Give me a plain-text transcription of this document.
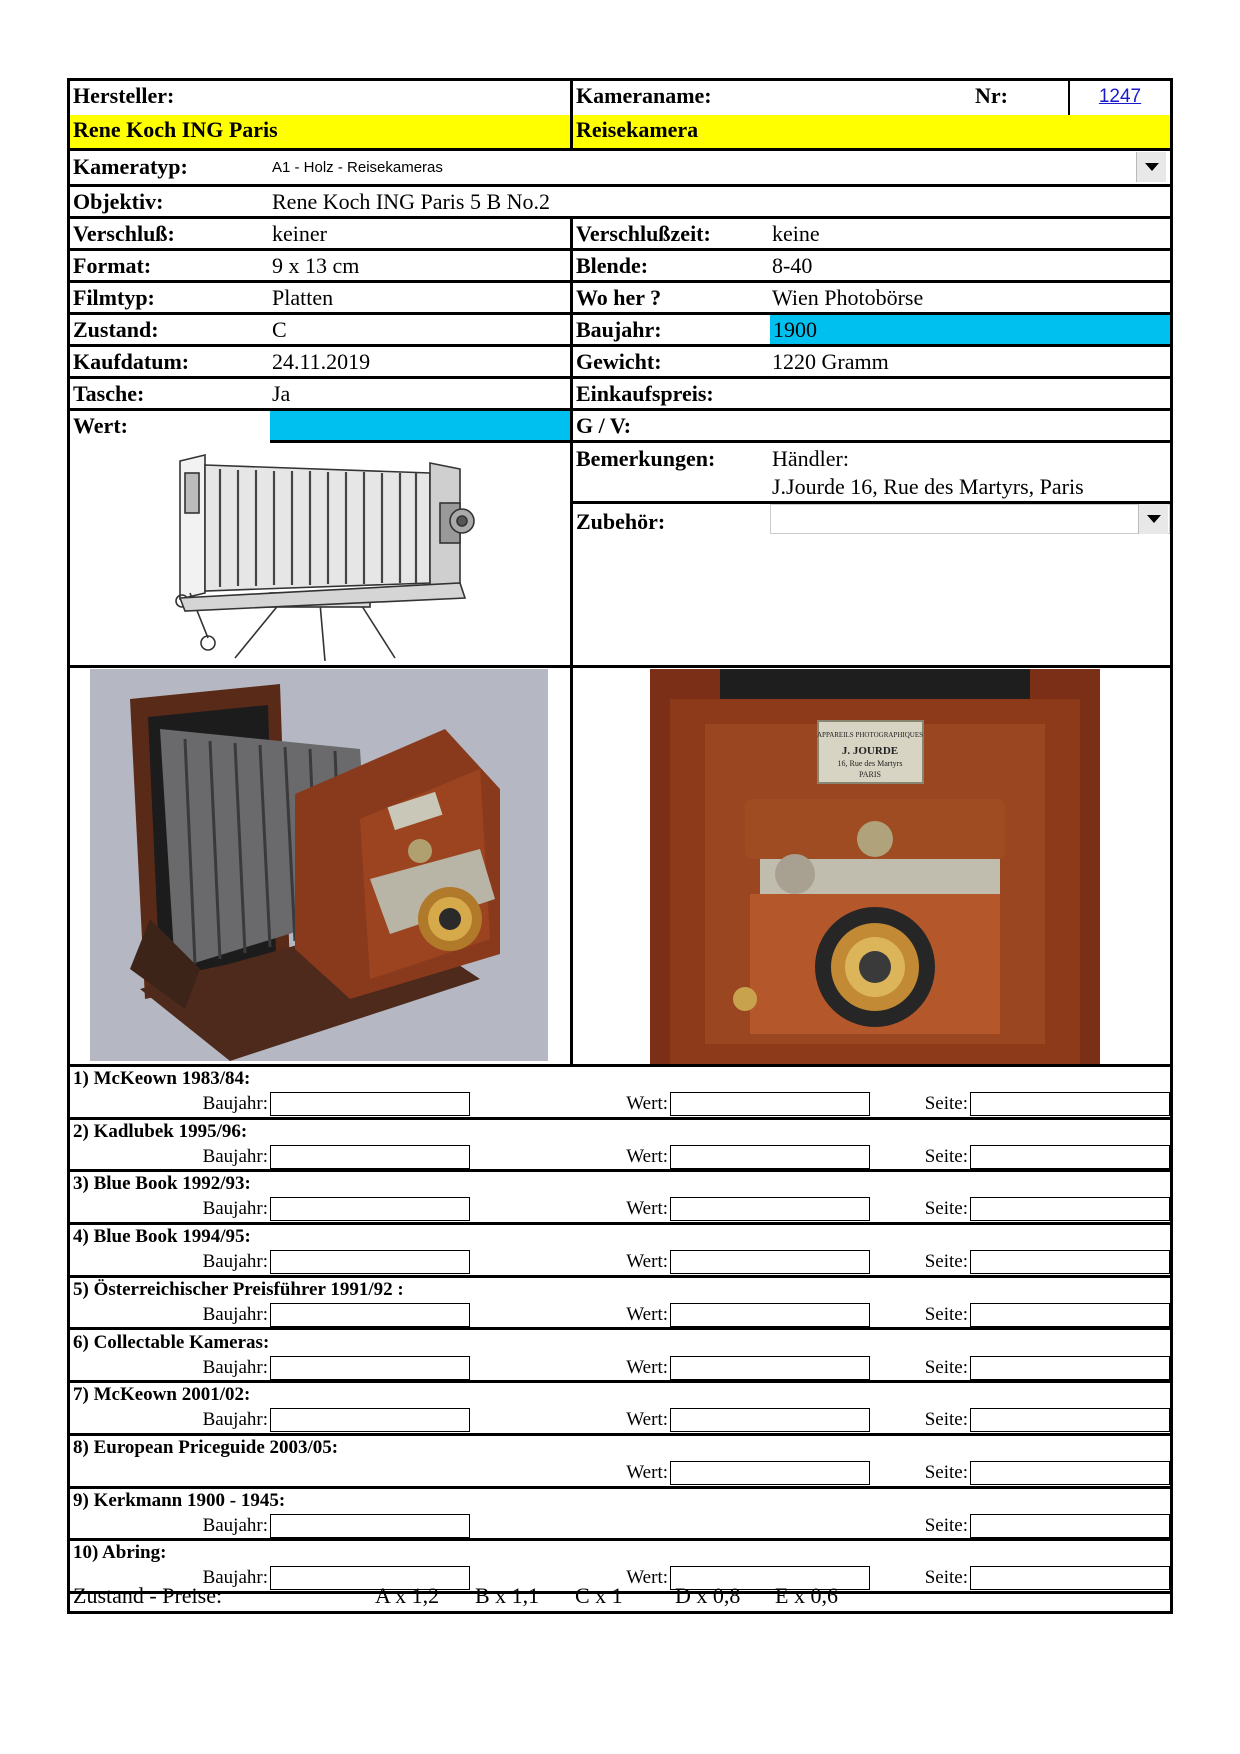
Hersteller:	Kameraname:	Nr:	1247
Rene Koch ING Paris	Reisekamera
Kameratyp:	A1 - Holz - Reisekameras
Objektiv:	Rene Koch ING Paris 5 B No.2
Verschluß:	keiner	Verschlußzeit:	keine
Format:	9 x 13 cm	Blende:	8-40
Filmtyp:	Platten	Wo her ?	Wien Photobörse
Zustand:	C	Baujahr:	1900
Kaufdatum:	24.11.2019	Gewicht:	1220 Gramm
Tasche:	Ja	Einkaufspreis:
Wert:	G / V:
Bemerkungen:	Händler:
J.Jourde 16, Rue des Martyrs, Paris
Zubehör:
APPAREILS PHOTOGRAPHIQUES
J. JOURDE
16, Rue des Martyrs
PARIS
1) McKeown 1983/84:
Baujahr:	Wert:	Seite:
2) Kadlubek 1995/96:
Baujahr:	Wert:	Seite:
3) Blue Book 1992/93:
Baujahr:	Wert:	Seite:
4) Blue Book 1994/95:
Baujahr:	Wert:	Seite:
5) Österreichischer Preisführer 1991/92 :
Baujahr:	Wert:	Seite:
6) Collectable Kameras:
Baujahr:	Wert:	Seite:
7) McKeown 2001/02:
Baujahr:	Wert:	Seite:
8) European Priceguide 2003/05:
Wert:	Seite:
9) Kerkmann 1900 - 1945:
Baujahr:	Seite:
10) Abring:
Baujahr:	Wert:	Seite:
Zustand - Preise:	A x 1,2	B x 1,1	C x 1	D x 0,8	E x 0,6
